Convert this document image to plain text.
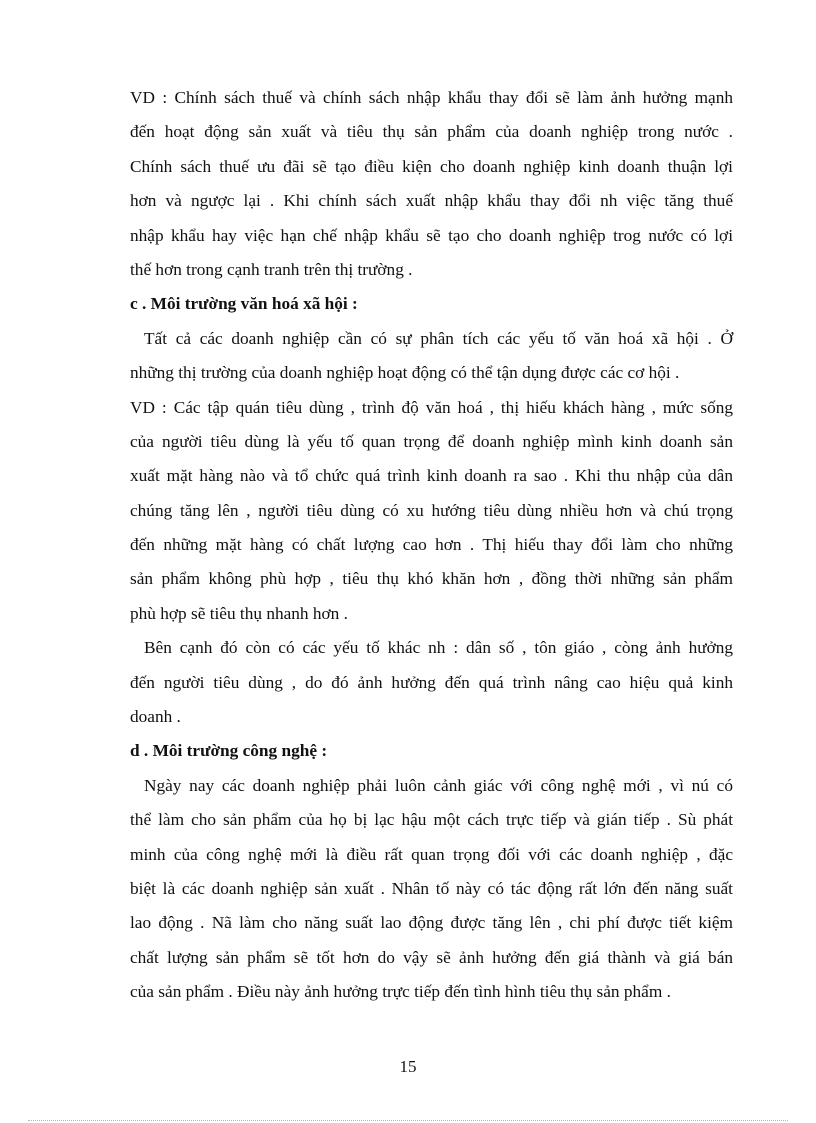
VD : Chính sách thuế và chính sách nhập khẩu thay đổi sẽ làm ảnh hưởng mạnh
đến hoạt động sản xuất và tiêu thụ sản phẩm của doanh nghiệp trong nước .
Chính sách thuế ưu đãi sẽ tạo điều kiện cho doanh nghiệp kinh doanh thuận lợi
hơn và ngược lại . Khi chính sách xuất nhập khẩu thay đổi nh việc tăng thuế
nhập khẩu hay việc hạn chế nhập khẩu sẽ tạo cho doanh nghiệp trog nước có lợi
thế hơn trong cạnh tranh trên thị trường .
c . Môi trường văn hoá xã hội :
Tất cả các doanh nghiệp cần có sự phân tích các yếu tố văn hoá xã hội . Ở
những thị trường của doanh nghiệp hoạt động có thể tận dụng được các cơ hội .
VD : Các tập quán tiêu dùng , trình độ văn hoá , thị hiếu khách hàng , mức sống
của người tiêu dùng là yếu tố quan trọng để doanh nghiệp mình kinh doanh sản
xuất mặt hàng nào và tổ chức quá trình kinh doanh ra sao . Khi thu nhập của dân
chúng tăng lên , người tiêu dùng có xu hướng tiêu dùng nhiều hơn và chú trọng
đến những mặt hàng có chất lượng cao hơn . Thị hiếu thay đổi làm cho những
sản phẩm không phù hợp , tiêu thụ khó khăn hơn , đồng thời những sản phẩm
phù hợp sẽ tiêu thụ nhanh hơn .
Bên cạnh đó còn có các yếu tố khác nh : dân số , tôn giáo , còng ảnh hưởng
đến người tiêu dùng , do đó ảnh hưởng đến quá trình nâng cao hiệu quả kinh
doanh .
d . Môi trường công nghệ :
Ngày nay các doanh nghiệp phải luôn cảnh giác với công nghệ mới , vì nú có
thể làm cho sản phẩm của họ bị lạc hậu một cách trực tiếp và gián tiếp . Sù phát
minh của công nghệ mới là điều rất quan trọng đối với các doanh nghiệp , đặc
biệt là các doanh nghiệp sản xuất . Nhân tố này có tác động rất lớn đến năng suất
lao động . Nã làm cho năng suất lao động được tăng lên , chi phí được tiết kiệm
chất lượng sản phẩm sẽ tốt hơn do vậy sẽ ảnh hưởng đến giá thành và giá bán
của sản phẩm . Điều này ảnh hưởng trực tiếp đến tình hình tiêu thụ sản phẩm .
15
